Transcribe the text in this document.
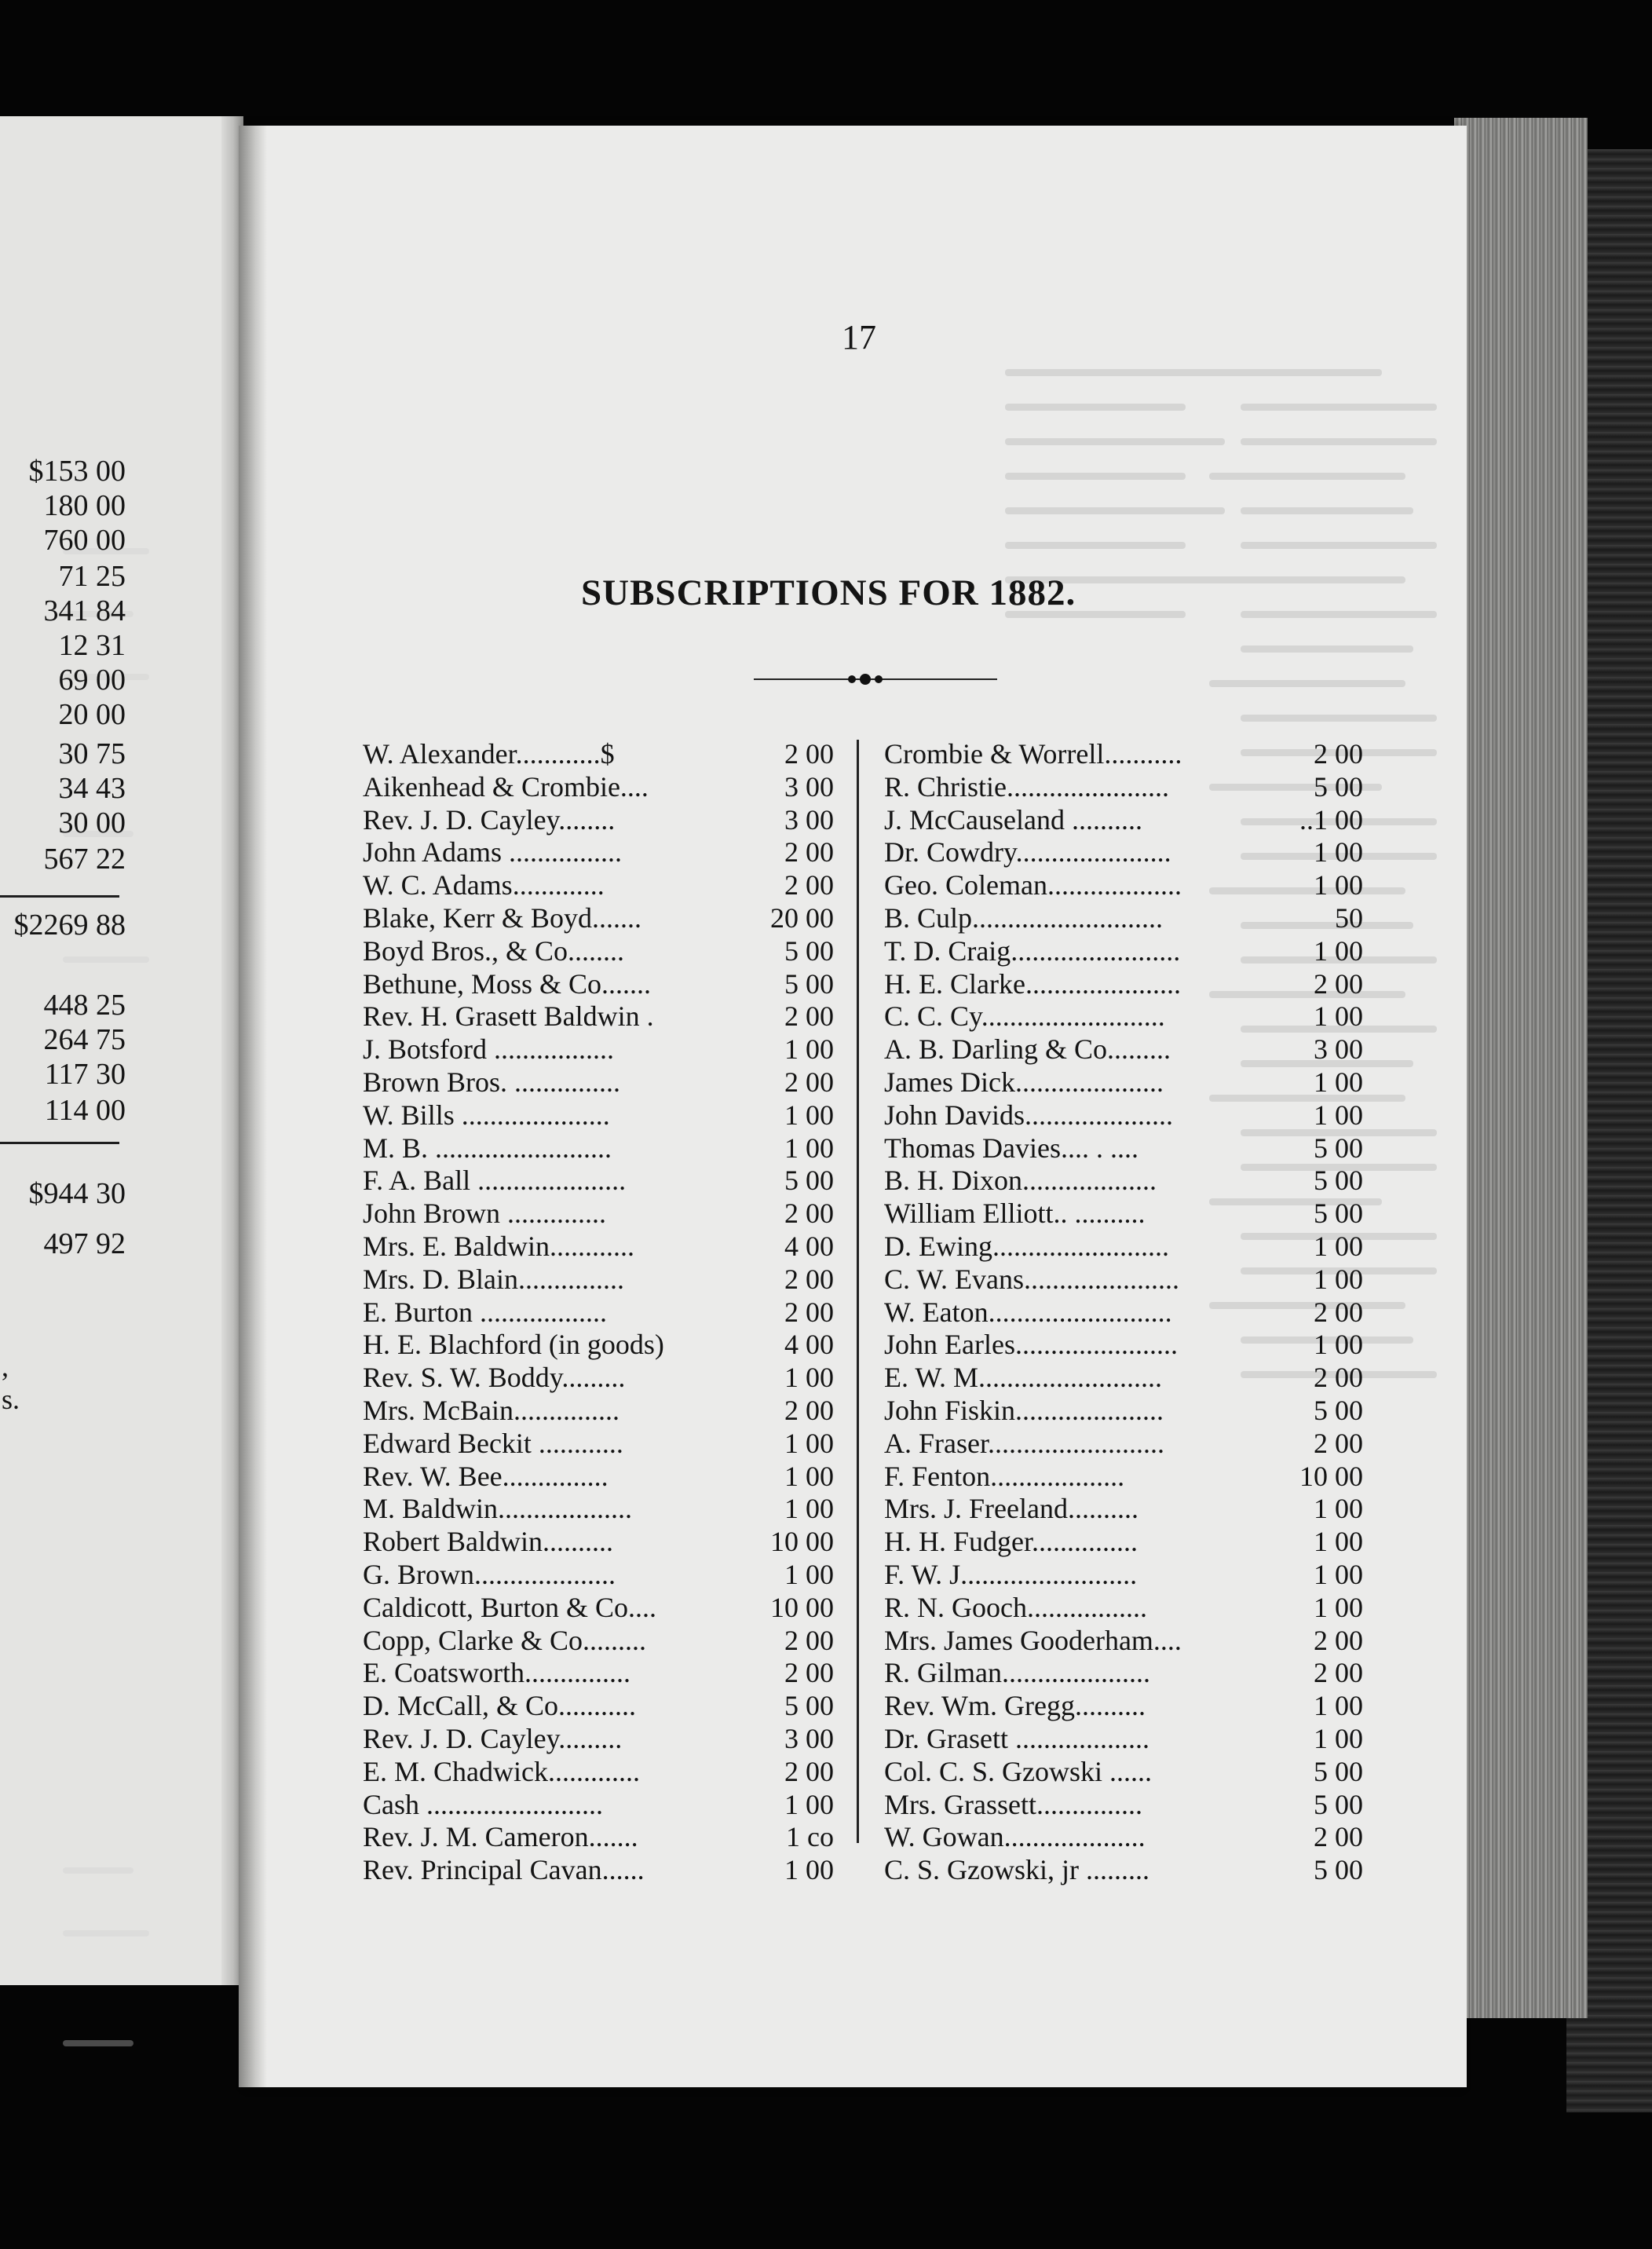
$153 00
180 00
760 00
71 25
341 84
12 31
69 00
20 00
30 75
34 43
30 00
567 22
$2269 88
448 25
264 75
117 30
114 00
$944 30
497 92
,
s.
17
SUBSCRIPTIONS FOR 1882.
W. Alexander............$	2 00
Aikenhead & Crombie....	3 00
Rev. J. D. Cayley........	3 00
John Adams ................	2 00
W. C. Adams.............	2 00
Blake, Kerr & Boyd.......	20 00
Boyd Bros., & Co........	5 00
Bethune, Moss & Co.......	5 00
Rev. H. Grasett Baldwin .	2 00
J. Botsford .................	1 00
Brown Bros. ...............	2 00
W. Bills .....................	1 00
M. B. .........................	1 00
F. A. Ball .....................	5 00
John Brown ..............	2 00
Mrs. E. Baldwin............	4 00
Mrs. D. Blain...............	2 00
E. Burton ..................	2 00
H. E. Blachford (in goods)	4 00
Rev. S. W. Boddy.........	1 00
Mrs. McBain...............	2 00
Edward Beckit ............	1 00
Rev. W. Bee...............	1 00
M. Baldwin...................	1 00
Robert Baldwin..........	10 00
G. Brown....................	1 00
Caldicott, Burton & Co....	10 00
Copp, Clarke & Co.........	2 00
E. Coatsworth...............	2 00
D. McCall, & Co...........	5 00
Rev. J. D. Cayley.........	3 00
E. M. Chadwick.............	2 00
Cash .........................	1 00
Rev. J. M. Cameron.......	1 co
Rev. Principal Cavan......	1 00
Crombie & Worrell...........	2 00
R. Christie.......................	5 00
J. McCauseland ..........	..1 00
Dr. Cowdry......................	1 00
Geo. Coleman...................	1 00
B. Culp...........................	50
T. D. Craig........................	1 00
H. E. Clarke......................	2 00
C. C. Cy..........................	1 00
A. B. Darling & Co.........	3 00
James Dick.....................	1 00
John Davids.....................	1 00
Thomas Davies.... . ....	5 00
B. H. Dixon...................	5 00
William Elliott.. ..........	5 00
D. Ewing.........................	1 00
C. W. Evans......................	1 00
W. Eaton..........................	2 00
John Earles.......................	1 00
E. W. M..........................	2 00
John Fiskin.....................	5 00
A. Fraser.........................	2 00
F. Fenton...................	10 00
Mrs. J. Freeland..........	1 00
H. H. Fudger...............	1 00
F. W. J.........................	1 00
R. N. Gooch.................	1 00
Mrs. James Gooderham....	2 00
R. Gilman.....................	2 00
Rev. Wm. Gregg..........	1 00
Dr. Grasett ...................	1 00
Col. C. S. Gzowski ......	5 00
Mrs. Grassett...............	5 00
W. Gowan....................	2 00
C. S. Gzowski, jr .........	5 00
